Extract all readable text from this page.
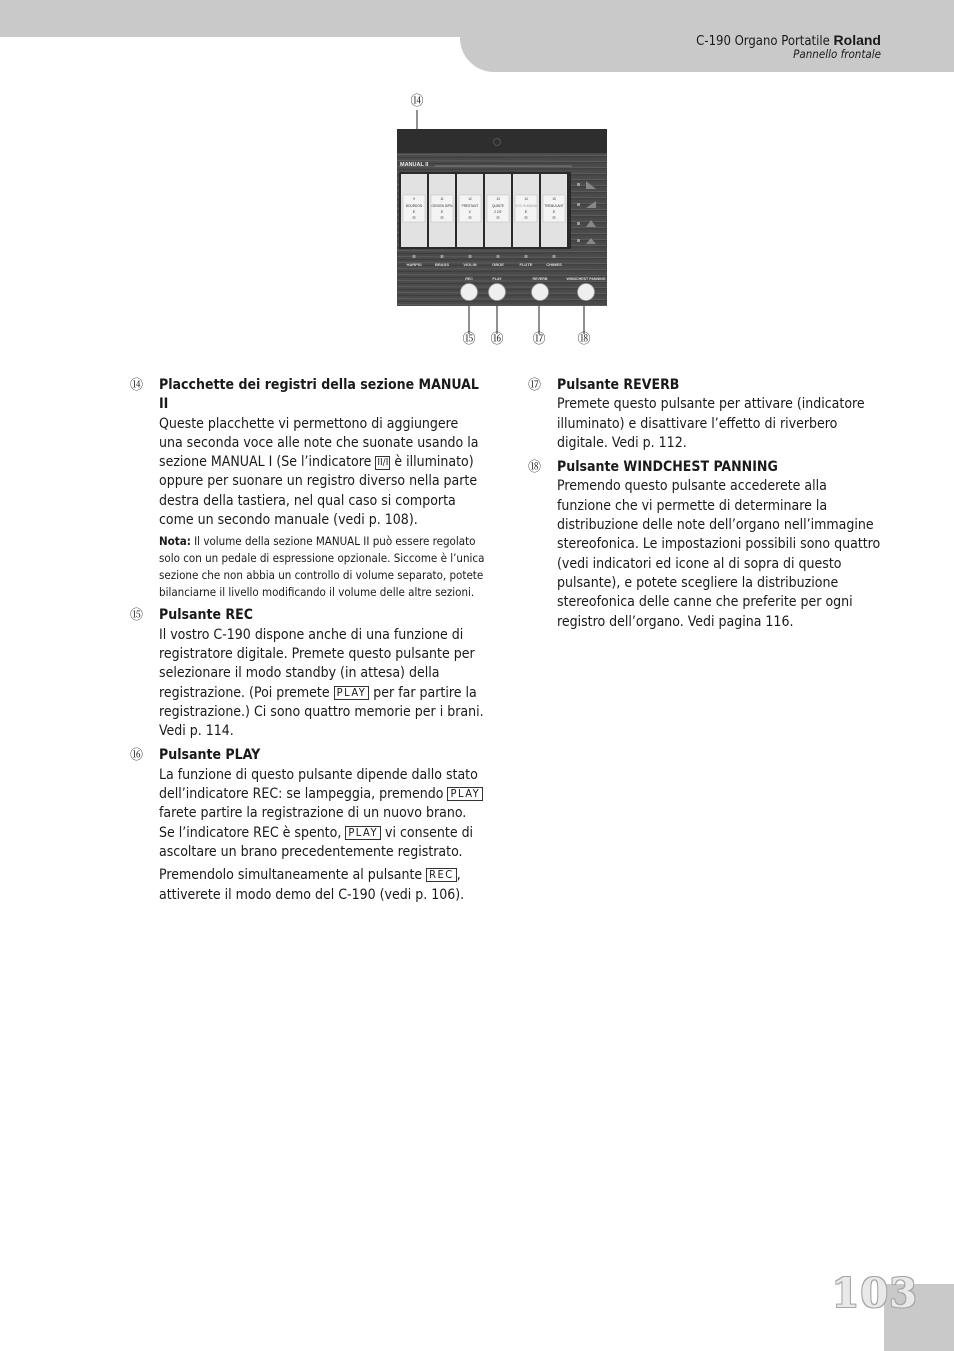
C-190 Organo Portatile Roland
Pannello frontale
⑭
9	11	12	13	14	15
BOURDON	GEIGEN DIPN	PRESTANT	QUINTE	VOX HUMANA TREMULANT
8'	8'	4'	2 2/3'	8'	8'
MANUAL II
HARPSI	BRASS	VIOLIN	OBOE	FLUTE	CHIMES
REC	PLAY	REVERB	WINDCHEST PANNING
⑮ ⑯ ⑰ ⑱
⑭ Placchette dei registri della sezione MANUAL II

Queste placchette vi permettono di aggiungere una seconda voce alle note che suonate usando la sezione MANUAL I (Se l’indicatore II/I è illuminato) oppure per suonare un registro diverso nella parte destra della tastiera, nel qual caso si comporta come un secondo manuale (vedi p. 108).

Nota: Il volume della sezione MANUAL II può essere regolato solo con un pedale di espressione opzionale. Siccome è l’unica sezione che non abbia un controllo di volume separato, potete bilanciarne il livello modificando il volume delle altre sezioni.

⑮ Pulsante REC

Il vostro C-190 dispone anche di una funzione di registratore digitale. Premete questo pulsante per selezionare il modo standby (in attesa) della registrazione. (Poi premete PLAY per far partire la registrazione.) Ci sono quattro memorie per i brani. Vedi p. 114.

⑯ Pulsante PLAY

La funzione di questo pulsante dipende dallo stato dell’indicatore REC: se lampeggia, premendo PLAY farete partire la registrazione di un nuovo brano. Se l’indicatore REC è spento, PLAY vi consente di ascoltare un brano precedentemente registrato.

Premendolo simultaneamente al pulsante REC , attiverete il modo demo del C-190 (vedi p. 106).

⑰ Pulsante REVERB

Premete questo pulsante per attivare (indicatore illuminato) e disattivare l’effetto di riverbero digitale. Vedi p. 112.

⑱ Pulsante WINDCHEST PANNING

Premendo questo pulsante accederete alla funzione che vi permette di determinare la distribuzione delle note dell’organo nell’immagine stereofonica. Le impostazioni possibili sono quattro (vedi indicatori ed icone al di sopra di questo pulsante), e potete scegliere la distribuzione stereofonica delle canne che preferite per ogni registro dell’organo. Vedi pagina 116.

103
